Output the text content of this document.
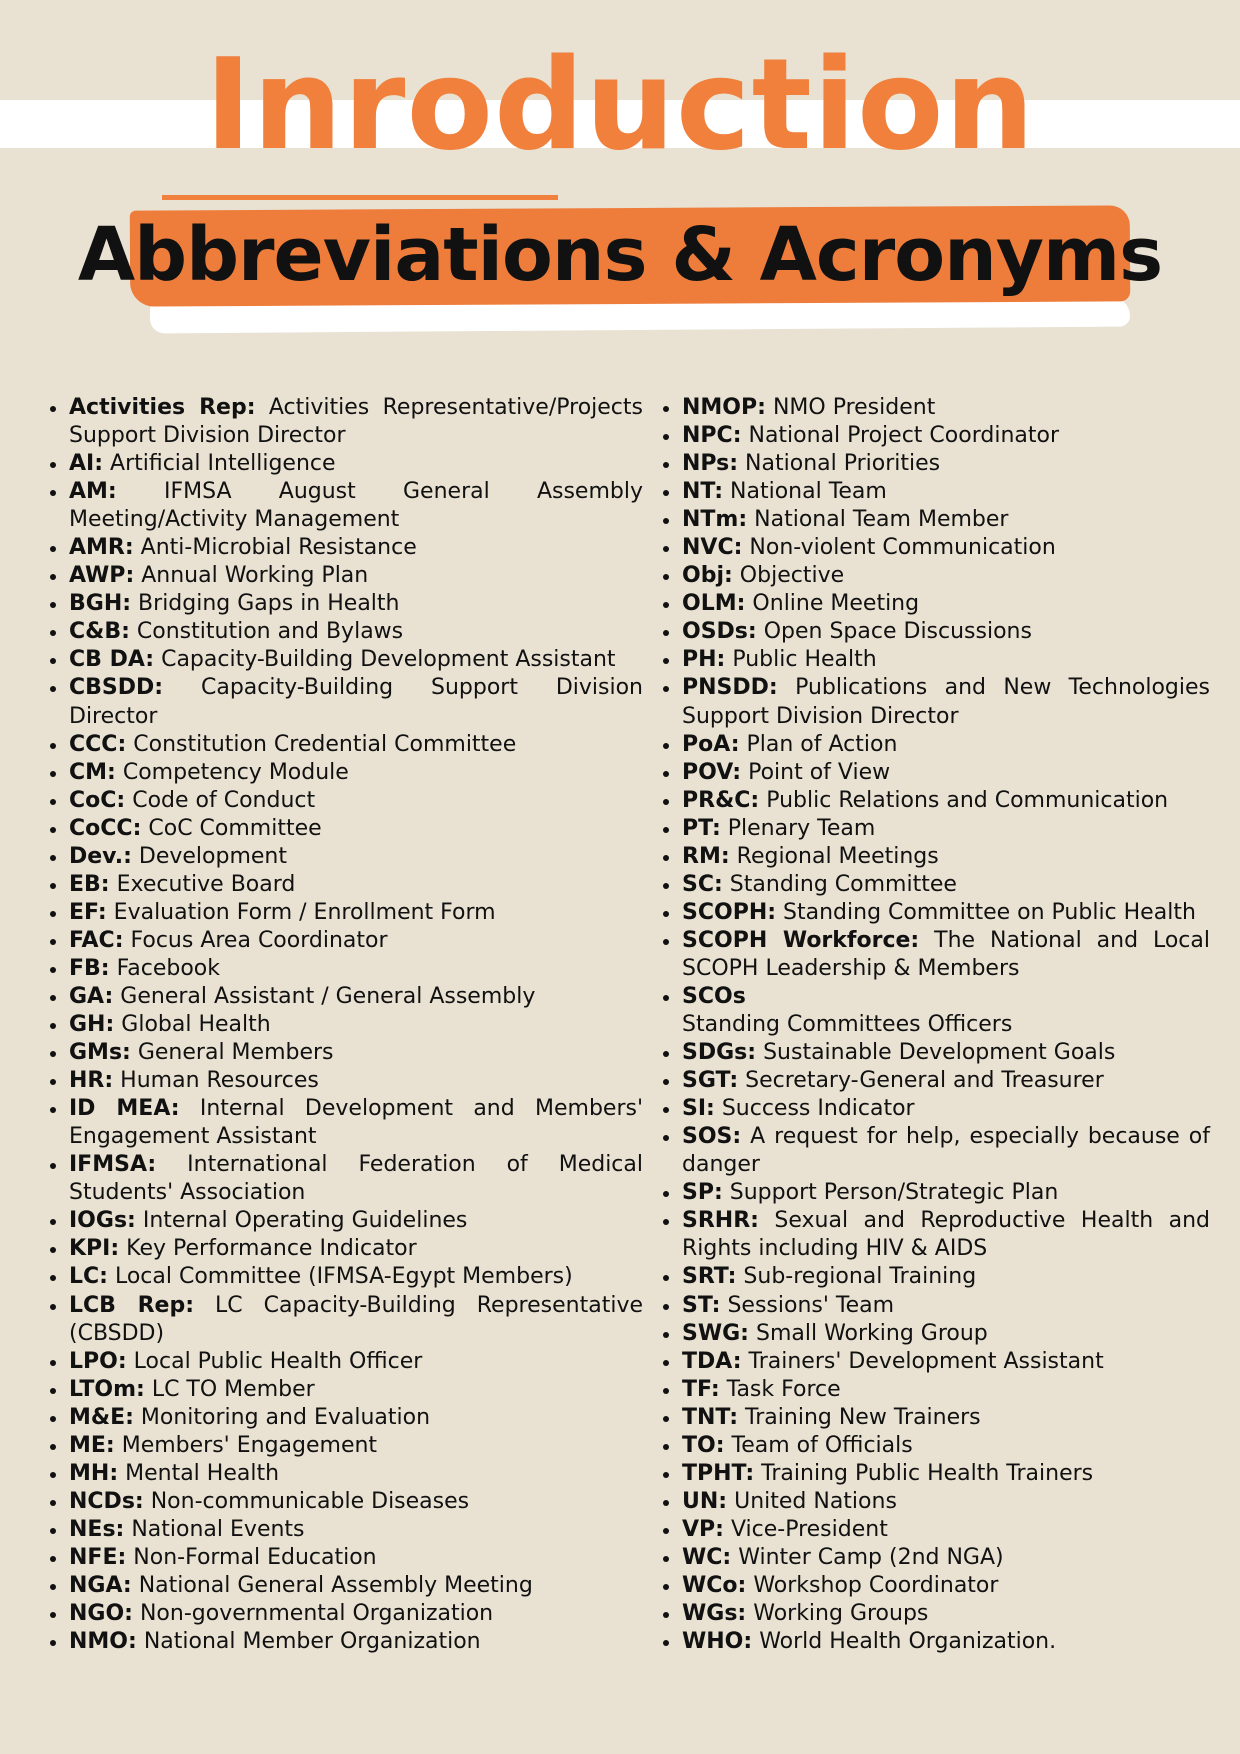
Inroduction
Abbreviations & Acronyms
Activities Rep: Activities Representative/Projects Support Division Director
AI: Artificial Intelligence
AM: IFMSA August General Assembly Meeting/Activity Management
AMR: Anti-Microbial Resistance
AWP: Annual Working Plan
BGH: Bridging Gaps in Health
C&B: Constitution and Bylaws
CB DA: Capacity-Building Development Assistant
CBSDD: Capacity-Building Support Division Director
CCC: Constitution Credential Committee
CM: Competency Module
CoC: Code of Conduct
CoCC: CoC Committee
Dev.: Development
EB: Executive Board
EF: Evaluation Form / Enrollment Form
FAC: Focus Area Coordinator
FB: Facebook
GA: General Assistant / General Assembly
GH: Global Health
GMs: General Members
HR: Human Resources
ID MEA: Internal Development and Members' Engagement Assistant
IFMSA: International Federation of Medical Students' Association
IOGs: Internal Operating Guidelines
KPI: Key Performance Indicator
LC: Local Committee (IFMSA-Egypt Members)
LCB Rep: LC Capacity-Building Representative (CBSDD)
LPO: Local Public Health Officer
LTOm: LC TO Member
M&E: Monitoring and Evaluation
ME: Members' Engagement
MH: Mental Health
NCDs: Non-communicable Diseases
NEs: National Events
NFE: Non-Formal Education
NGA: National General Assembly Meeting
NGO: Non-governmental Organization
NMO: National Member Organization
NMOP: NMO President
NPC: National Project Coordinator
NPs: National Priorities
NT: National Team
NTm: National Team Member
NVC: Non-violent Communication
Obj: Objective
OLM: Online Meeting
OSDs: Open Space Discussions
PH: Public Health
PNSDD: Publications and New Technologies Support Division Director
PoA: Plan of Action
POV: Point of View
PR&C: Public Relations and Communication
PT: Plenary Team
RM: Regional Meetings
SC: Standing Committee
SCOPH: Standing Committee on Public Health
SCOPH Workforce: The National and Local SCOPH Leadership & Members
SCOs
Standing Committees Officers
SDGs: Sustainable Development Goals
SGT: Secretary-General and Treasurer
SI: Success Indicator
SOS: A request for help, especially because of danger
SP: Support Person/Strategic Plan
SRHR: Sexual and Reproductive Health and Rights including HIV & AIDS
SRT: Sub-regional Training
ST: Sessions' Team
SWG: Small Working Group
TDA: Trainers' Development Assistant
TF: Task Force
TNT: Training New Trainers
TO: Team of Officials
TPHT: Training Public Health Trainers
UN: United Nations
VP: Vice-President
WC: Winter Camp (2nd NGA)
WCo: Workshop Coordinator
WGs: Working Groups
WHO: World Health Organization.
